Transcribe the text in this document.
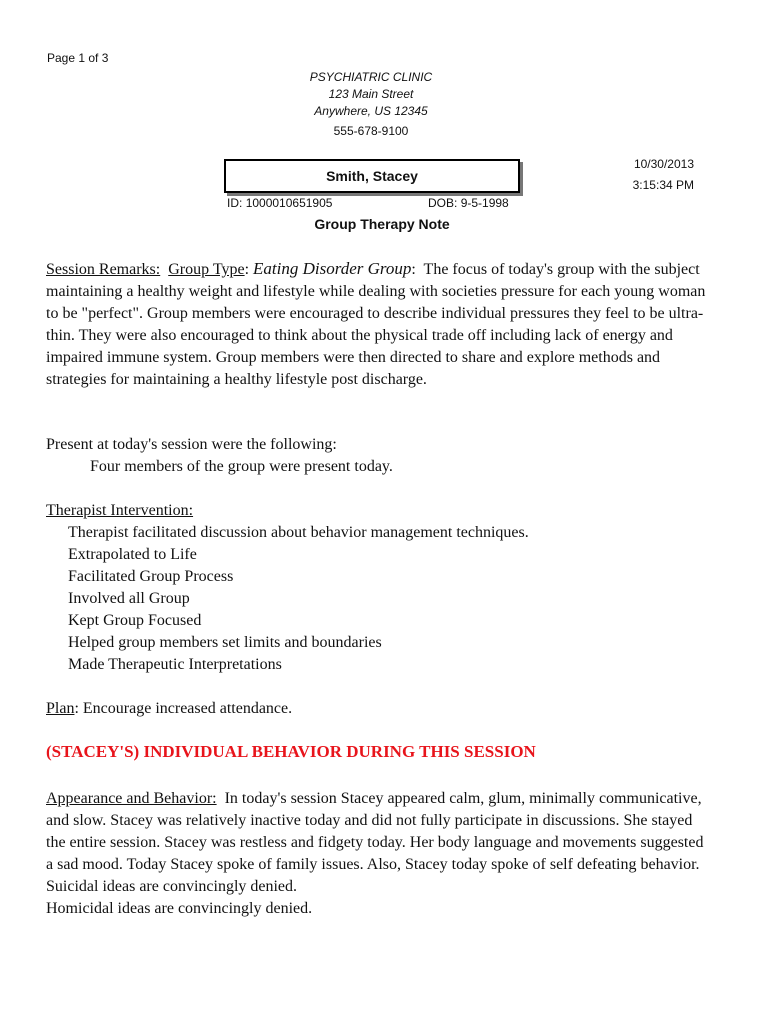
Page 1 of 3
PSYCHIATRIC CLINIC
123 Main Street
Anywhere, US 12345
555-678-9100
Smith, Stacey
10/30/2013
3:15:34 PM
ID: 1000010651905	DOB: 9-5-1998
Group Therapy Note
Session Remarks: Group Type: Eating Disorder Group:  The focus of today's group with the subject maintaining a healthy weight and lifestyle while dealing with societies pressure for each young woman to be "perfect". Group members were encouraged to describe individual pressures they feel to be ultra-thin. They were also encouraged to think about the physical trade off including lack of energy and impaired immune system. Group members were then directed to share and explore methods and strategies for maintaining a healthy lifestyle post discharge.
Present at today's session were the following:
Four members of the group were present today.
Therapist Intervention:
Therapist facilitated discussion about behavior management techniques.
Extrapolated to Life
Facilitated Group Process
Involved all Group
Kept Group Focused
Helped group members set limits and boundaries
Made Therapeutic Interpretations
Plan: Encourage increased attendance.
(STACEY'S) INDIVIDUAL BEHAVIOR DURING THIS SESSION
Appearance and Behavior: In today's session Stacey appeared calm, glum, minimally communicative, and slow. Stacey was relatively inactive today and did not fully participate in discussions. She stayed the entire session. Stacey was restless and fidgety today. Her body language and movements suggested a sad mood. Today Stacey spoke of family issues. Also, Stacey today spoke of self defeating behavior.
Suicidal ideas are convincingly denied.
Homicidal ideas are convincingly denied.
